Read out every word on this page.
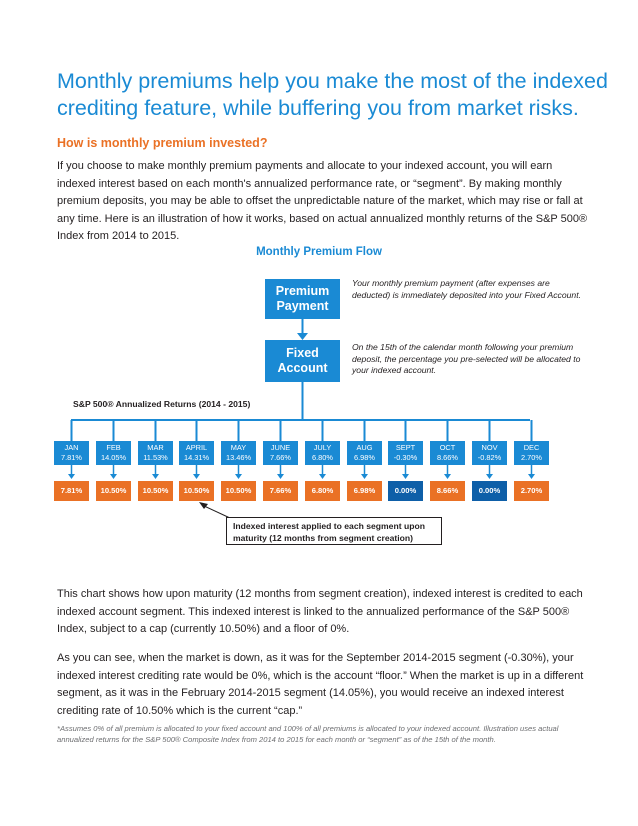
Monthly premiums help you make the most of the indexed crediting feature, while buffering you from market risks.
How is monthly premium invested?

If you choose to make monthly premium payments and allocate to your indexed account, you will earn indexed interest based on each month's annualized performance rate, or “segment”. By making monthly premium deposits, you may be able to offset the unpredictable nature of the market, which may rise or fall at any time. Here is an illustration of how it works, based on actual annualized monthly returns of the S&P 500® Index from 2014 to 2015.

Monthly Premium Flow
Premium Payment

Your monthly premium payment (after expenses are deducted) is immediately deposited into your Fixed Account.

Fixed Account

On the 15th of the calendar month following your premium deposit, the percentage you pre-selected will be allocated to your indexed account.

S&P 500® Annualized Returns (2014 - 2015)
JAN
7.81%
7.81%
FEB
14.05%
10.50%
MAR
11.53%
10.50%
APRIL
14.31%
10.50%
MAY
13.46%
10.50%
JUNE
7.66%
7.66%
JULY
6.80%
6.80%
AUG
6.98%
6.98%
SEPT
-0.30%
0.00%
OCT
8.66%
8.66%
NOV
-0.82%
0.00%
DEC
2.70%
2.70%
Indexed interest applied to each segment upon maturity (12 months from segment creation)

This chart shows how upon maturity (12 months from segment creation), indexed interest is credited to each indexed account segment. This indexed interest is linked to the annualized performance of the S&P 500® Index, subject to a cap (currently 10.50%) and a floor of 0%.

As you can see, when the market is down, as it was for the September 2014-2015 segment (-0.30%), your indexed interest crediting rate would be 0%, which is the account “floor.” When the market is up in a different segment, as it was in the February 2014-2015 segment (14.05%), you would receive an indexed interest crediting rate of 10.50% which is the current “cap.”

*Assumes 0% of all premium is allocated to your fixed account and 100% of all premiums is allocated to your indexed account. Illustration uses actual annualized returns for the S&P 500® Composite Index from 2014 to 2015 for each month or “segment” as of the 15th of the month.
